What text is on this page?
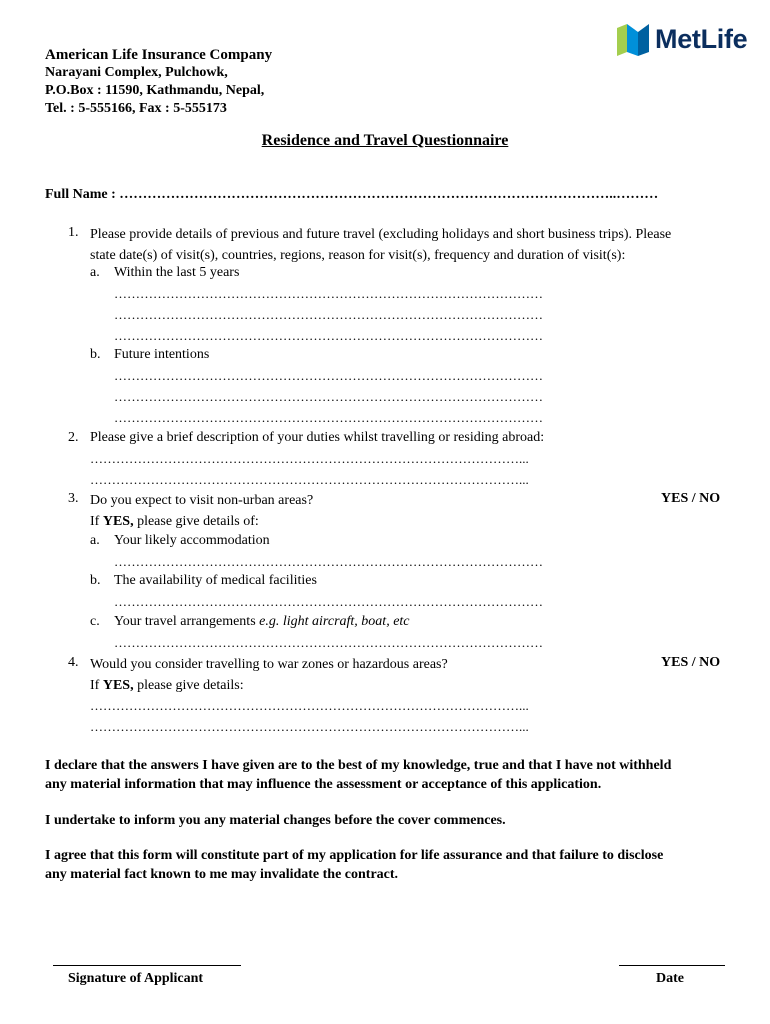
American Life Insurance Company
Narayani Complex, Pulchowk,
P.O.Box : 11590, Kathmandu, Nepal,
Tel. : 5-555166, Fax : 5-555173
MetLife
Residence and Travel Questionnaire
Full Name : ……………………………………………………………………………………………..………
1. Please provide details of previous and future travel (excluding holidays and short business trips). Please
state date(s) of visit(s), countries, regions, reason for visit(s), frequency and duration of visit(s):
a. Within the last 5 years
………………………………………………………………………………………
………………………………………………………………………………………
………………………………………………………………………………………
b. Future intentions
………………………………………………………………………………………
………………………………………………………………………………………
………………………………………………………………………………………
2. Please give a brief description of your duties whilst travelling or residing abroad:
………………………………………………………………………………………...
………………………………………………………………………………………...
3. Do you expect to visit non-urban areas?
If YES, please give details of:
YES / NO
a. Your likely accommodation
………………………………………………………………………………………
b. The availability of medical facilities
………………………………………………………………………………………
c. Your travel arrangements e.g. light aircraft, boat, etc
………………………………………………………………………………………
4. Would you consider travelling to war zones or hazardous areas?
If YES, please give details:
YES / NO
………………………………………………………………………………………...
………………………………………………………………………………………...
I declare that the answers I have given are to the best of my knowledge, true and that I have not withheld
any material information that may influence the assessment or acceptance of this application.
I undertake to inform you any material changes before the cover commences.
I agree that this form will constitute part of my application for life assurance and that failure to disclose
any material fact known to me may invalidate the contract.
Signature of Applicant	Date
